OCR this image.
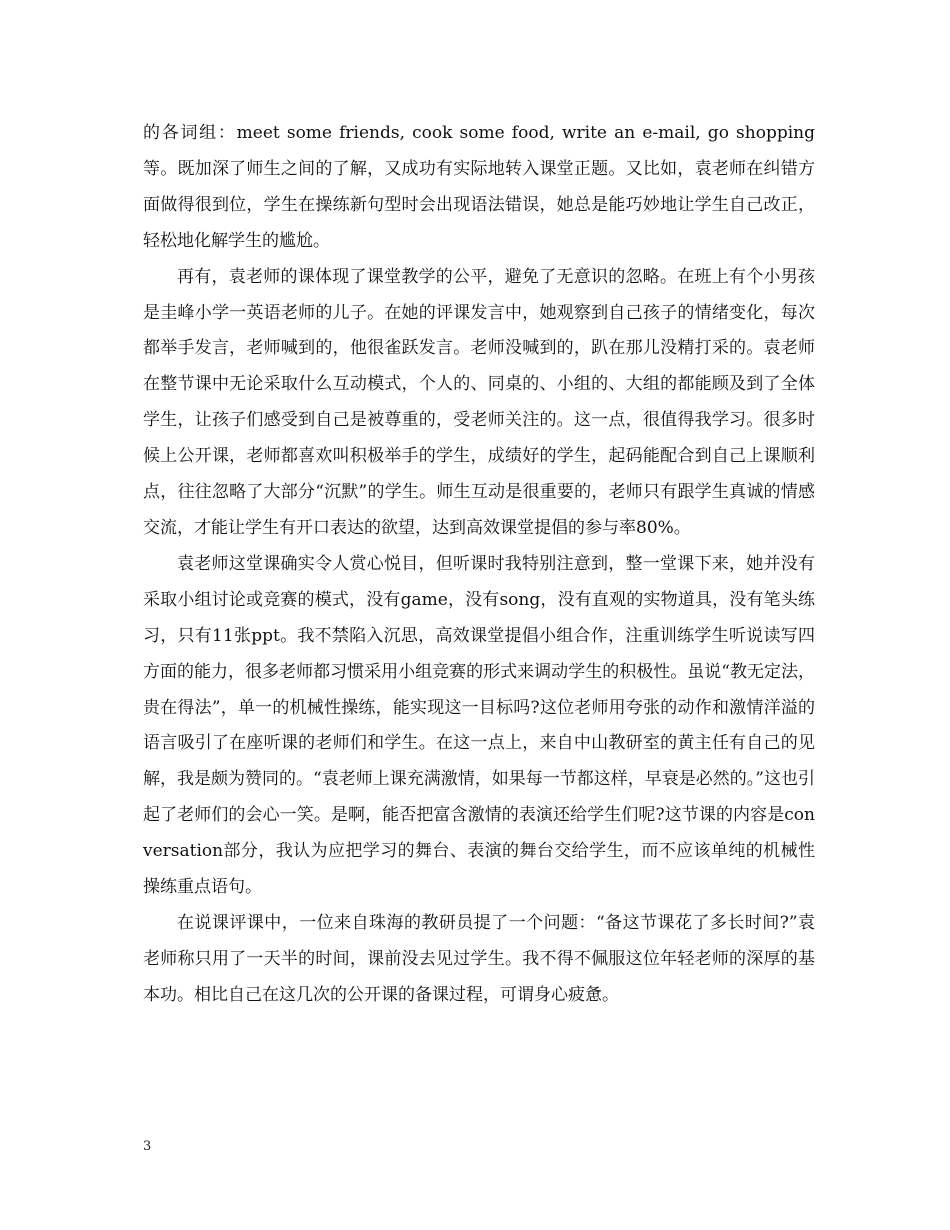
的各词组：meet some friends, cook some food, write an e-mail, go shopping等。既加深了师生之间的了解，又成功有实际地转入课堂正题。又比如，袁老师在纠错方面做得很到位，学生在操练新句型时会出现语法错误，她总是能巧妙地让学生自己改正，轻松地化解学生的尴尬。

再有，袁老师的课体现了课堂教学的公平，避免了无意识的忽略。在班上有个小男孩是圭峰小学一英语老师的儿子。在她的评课发言中，她观察到自己孩子的情绪变化，每次都举手发言，老师喊到的，他很雀跃发言。老师没喊到的，趴在那儿没精打采的。袁老师在整节课中无论采取什么互动模式，个人的、同桌的、小组的、大组的都能顾及到了全体学生，让孩子们感受到自己是被尊重的，受老师关注的。这一点，很值得我学习。很多时候上公开课，老师都喜欢叫积极举手的学生，成绩好的学生，起码能配合到自己上课顺利点，往往忽略了大部分“沉默”的学生。师生互动是很重要的，老师只有跟学生真诚的情感交流，才能让学生有开口表达的欲望，达到高效课堂提倡的参与率80%。

袁老师这堂课确实令人赏心悦目，但听课时我特别注意到，整一堂课下来，她并没有采取小组讨论或竞赛的模式，没有game，没有song，没有直观的实物道具，没有笔头练习，只有11张ppt。我不禁陷入沉思，高效课堂提倡小组合作，注重训练学生听说读写四方面的能力，很多老师都习惯采用小组竞赛的形式来调动学生的积极性。虽说“教无定法，贵在得法”，单一的机械性操练，能实现这一目标吗?这位老师用夸张的动作和激情洋溢的语言吸引了在座听课的老师们和学生。在这一点上，来自中山教研室的黄主任有自己的见解，我是颇为赞同的。“袁老师上课充满激情，如果每一节都这样，早衰是必然的。”这也引起了老师们的会心一笑。是啊，能否把富含激情的表演还给学生们呢?这节课的内容是conversation部分，我认为应把学习的舞台、表演的舞台交给学生，而不应该单纯的机械性操练重点语句。

在说课评课中，一位来自珠海的教研员提了一个问题：“备这节课花了多长时间?”袁老师称只用了一天半的时间，课前没去见过学生。我不得不佩服这位年轻老师的深厚的基本功。相比自己在这几次的公开课的备课过程，可谓身心疲惫。

3
